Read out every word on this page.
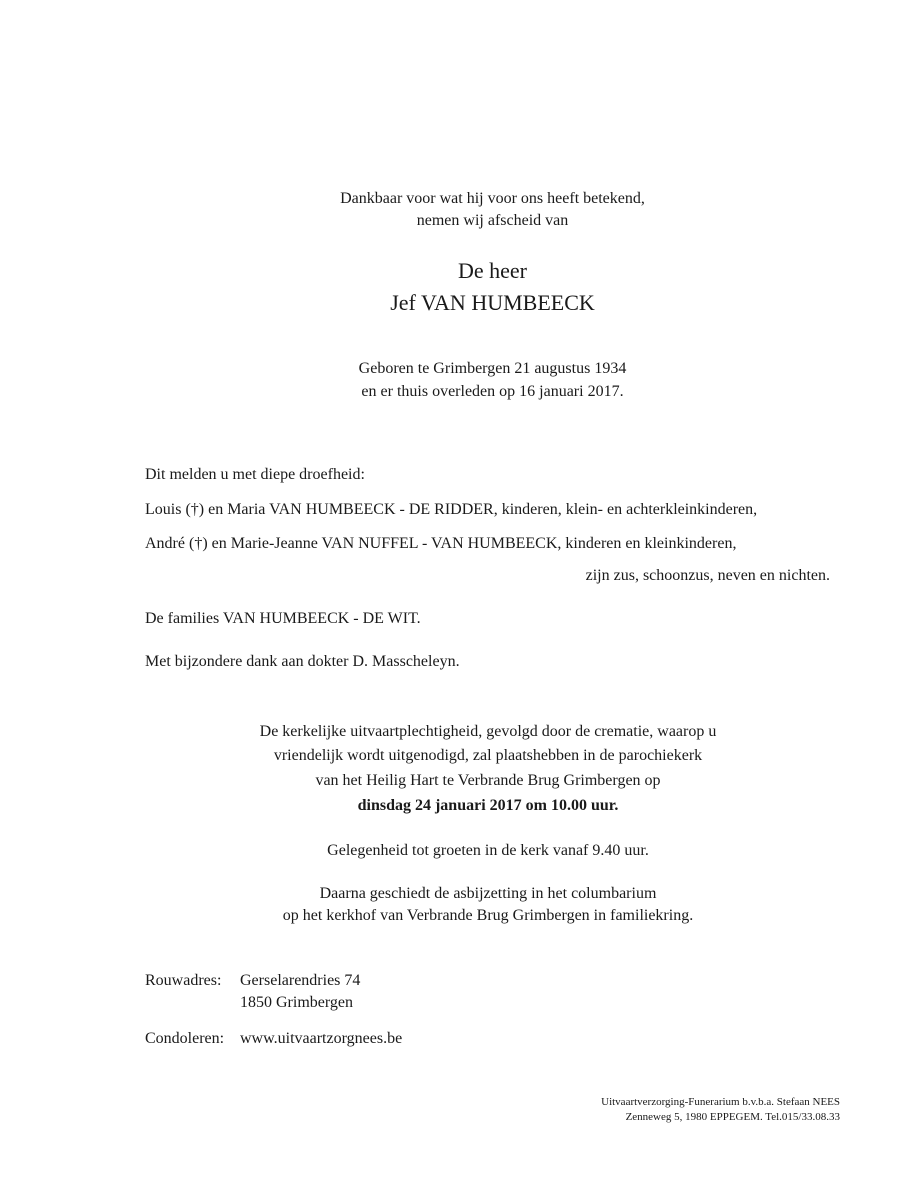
Dankbaar voor wat hij voor ons heeft betekend,
nemen wij afscheid van
De heer
Jef VAN HUMBEECK
Geboren te Grimbergen 21 augustus 1934
en er thuis overleden op 16 januari 2017.
Dit melden u met diepe droefheid:
Louis (†) en Maria VAN HUMBEECK - DE RIDDER, kinderen, klein- en achterkleinkinderen,
André (†) en Marie-Jeanne VAN NUFFEL - VAN HUMBEECK, kinderen en kleinkinderen,
zijn zus, schoonzus, neven en nichten.
De families VAN HUMBEECK - DE WIT.
Met bijzondere dank aan dokter D. Masscheleyn.
De kerkelijke uitvaartplechtigheid, gevolgd door de crematie, waarop u
vriendelijk wordt uitgenodigd, zal plaatshebben in de parochiekerk
van het Heilig Hart te Verbrande Brug Grimbergen op
dinsdag 24 januari 2017 om 10.00 uur.
Gelegenheid tot groeten in de kerk vanaf 9.40 uur.
Daarna geschiedt de asbijzetting in het columbarium
op het kerkhof van Verbrande Brug Grimbergen in familiekring.
Rouwadres: Gerselarendries 74
1850 Grimbergen
Condoleren: www.uitvaartzorgnees.be
Uitvaartverzorging-Funerarium b.v.b.a. Stefaan NEES
Zenneweg 5, 1980 EPPEGEM. Tel.015/33.08.33
